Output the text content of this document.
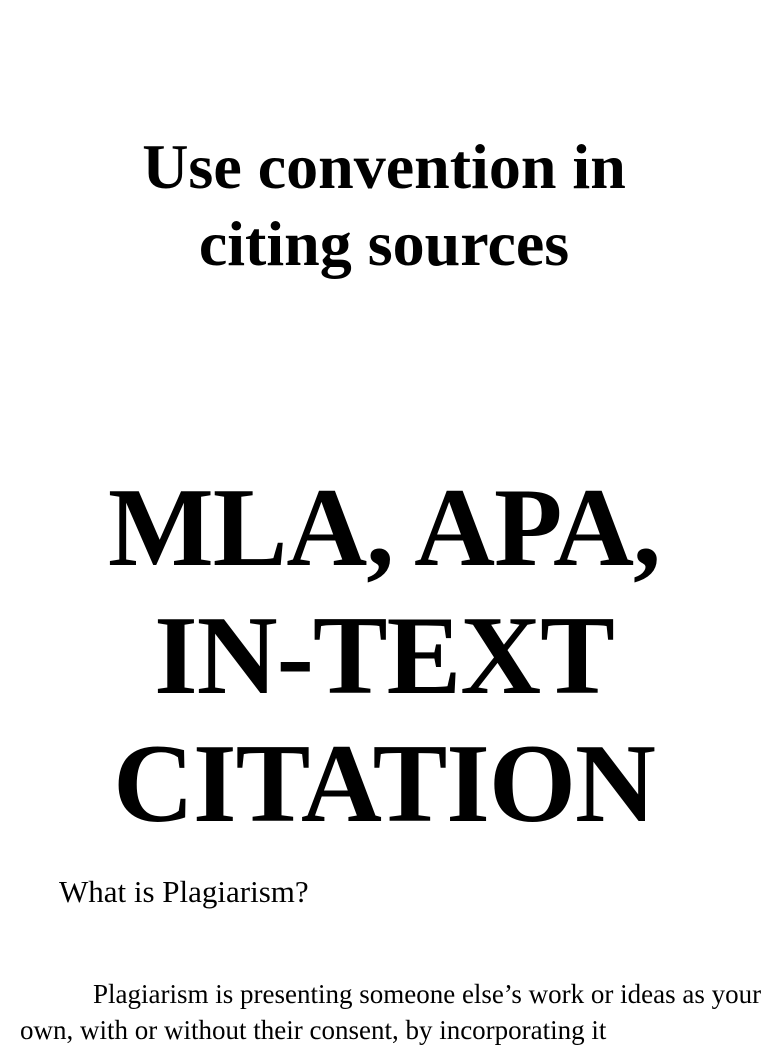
Use convention in
citing sources
MLA, APA,
IN-TEXT
CITATION

What is Plagiarism?

Plagiarism is presenting someone else’s work or ideas as your own, with or without their consent, by incorporating it
